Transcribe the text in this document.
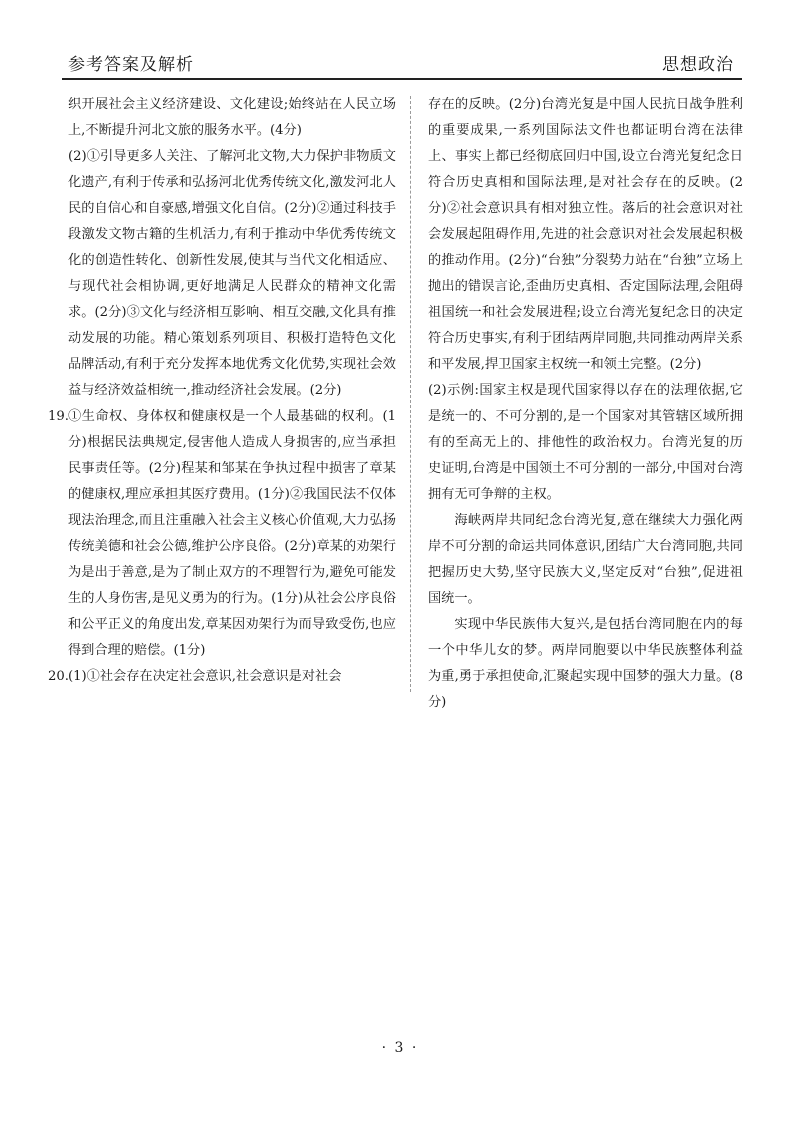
参考答案及解析	思想政治

织开展社会主义经济建设、文化建设;始终站在人民立场上,不断提升河北文旅的服务水平。(4分)

(2)①引导更多人关注、了解河北文物,大力保护非物质文化遗产,有利于传承和弘扬河北优秀传统文化,激发河北人民的自信心和自豪感,增强文化自信。(2分)②通过科技手段激发文物古籍的生机活力,有利于推动中华优秀传统文化的创造性转化、创新性发展,使其与当代文化相适应、与现代社会相协调,更好地满足人民群众的精神文化需求。(2分)③文化与经济相互影响、相互交融,文化具有推动发展的功能。精心策划系列项目、积极打造特色文化品牌活动,有利于充分发挥本地优秀文化优势,实现社会效益与经济效益相统一,推动经济社会发展。(2分)

19. ①生命权、身体权和健康权是一个人最基础的权利。(1分)根据民法典规定,侵害他人造成人身损害的,应当承担民事责任等。(2分)程某和邹某在争执过程中损害了章某的健康权,理应承担其医疗费用。(1分)②我国民法不仅体现法治理念,而且注重融入社会主义核心价值观,大力弘扬传统美德和社会公德,维护公序良俗。(2分)章某的劝架行为是出于善意,是为了制止双方的不理智行为,避免可能发生的人身伤害,是见义勇为的行为。(1分)从社会公序良俗和公平正义的角度出发,章某因劝架行为而导致受伤,也应得到合理的赔偿。(1分)

20. (1)①社会存在决定社会意识,社会意识是对社会

存在的反映。(2分)台湾光复是中国人民抗日战争胜利的重要成果,一系列国际法文件也都证明台湾在法律上、事实上都已经彻底回归中国,设立台湾光复纪念日符合历史真相和国际法理,是对社会存在的反映。(2分)②社会意识具有相对独立性。落后的社会意识对社会发展起阻碍作用,先进的社会意识对社会发展起积极的推动作用。(2分)“台独”分裂势力站在“台独”立场上抛出的错误言论,歪曲历史真相、否定国际法理,会阻碍祖国统一和社会发展进程;设立台湾光复纪念日的决定符合历史事实,有利于团结两岸同胞,共同推动两岸关系和平发展,捍卫国家主权统一和领土完整。(2分)

(2)示例:国家主权是现代国家得以存在的法理依据,它是统一的、不可分割的,是一个国家对其管辖区域所拥有的至高无上的、排他性的政治权力。台湾光复的历史证明,台湾是中国领土不可分割的一部分,中国对台湾拥有无可争辩的主权。

海峡两岸共同纪念台湾光复,意在继续大力强化两岸不可分割的命运共同体意识,团结广大台湾同胞,共同把握历史大势,坚守民族大义,坚定反对“台独”,促进祖国统一。

实现中华民族伟大复兴,是包括台湾同胞在内的每一个中华儿女的梦。两岸同胞要以中华民族整体利益为重,勇于承担使命,汇聚起实现中国梦的强大力量。(8分)

· 3 ·
